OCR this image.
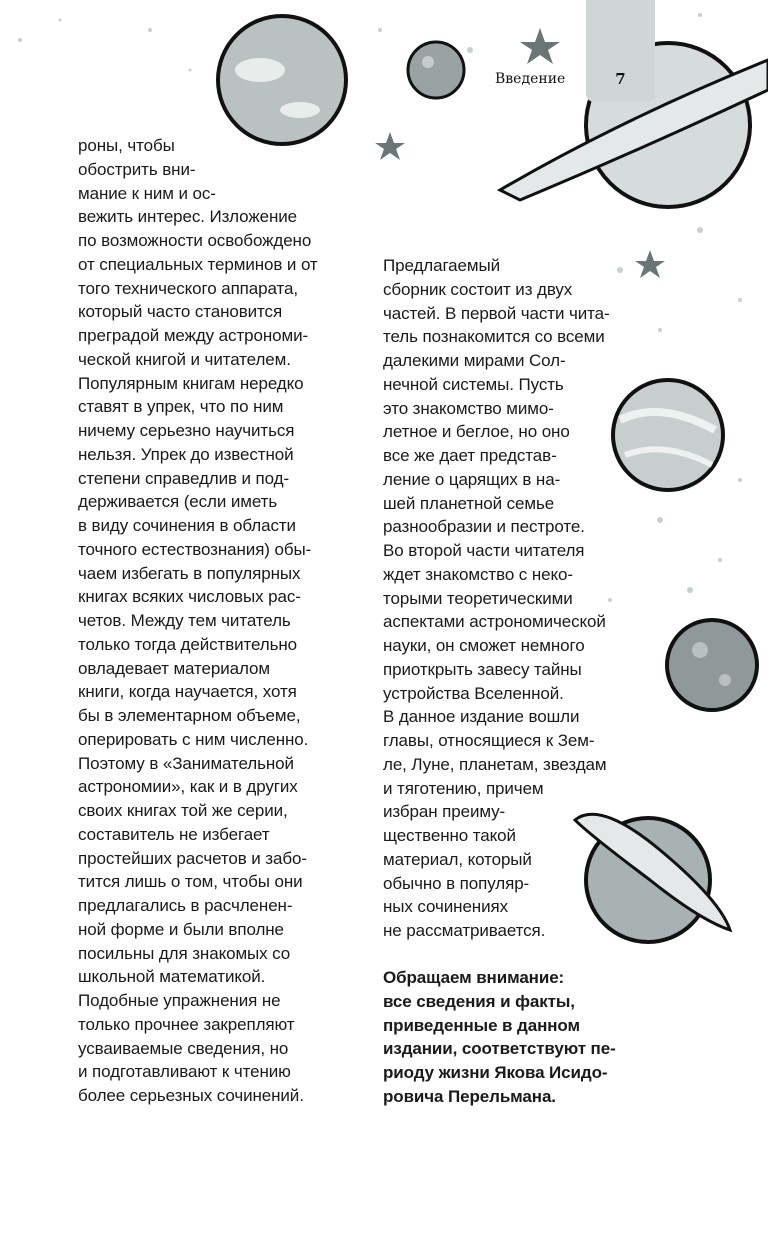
Введение	7
роны, чтобы
обострить вни-
мание к ним и ос-
вежить интерес. Изложение
по возможности освобождено
от специальных терминов и от
того технического аппарата,
который часто становится
преградой между астрономи-
ческой книгой и читателем.
Популярным книгам нередко
ставят в упрек, что по ним
ничему серьезно научиться
нельзя. Упрек до известной
степени справедлив и под-
держивается (если иметь
в виду сочинения в области
точного естествознания) обы-
чаем избегать в популярных
книгах всяких числовых рас-
четов. Между тем читатель
только тогда действительно
овладевает материалом
книги, когда научается, хотя
бы в элементарном объеме,
оперировать с ним численно.
Поэтому в «Занимательной
астрономии», как и в других
своих книгах той же серии,
составитель не избегает
простейших расчетов и забо-
тится лишь о том, чтобы они
предлагались в расчленен-
ной форме и были вполне
посильны для знакомых со
школьной математикой.
Подобные упражнения не
только прочнее закрепляют
усваиваемые сведения, но
и подготавливают к чтению
более серьезных сочинений.
Предлагаемый
сборник состоит из двух
частей. В первой части чита-
тель познакомится со всеми
далекими мирами Сол-
нечной системы. Пусть
это знакомство мимо-
летное и беглое, но оно
все же дает представ-
ление о царящих в на-
шей планетной семье
разнообразии и пестроте.
Во второй части читателя
ждет знакомство с неко-
торыми теоретическими
аспектами астрономической
науки, он сможет немного
приоткрыть завесу тайны
устройства Вселенной.
В данное издание вошли
главы, относящиеся к Зем-
ле, Луне, планетам, звездам
и тяготению, причем
избран преиму-
щественно такой
материал, который
обычно в популяр-
ных сочинениях
не рассматривается.
Обращаем внимание:
все сведения и факты,
приведенные в данном
издании, соответствуют пе-
риоду жизни Якова Исидо-
ровича Перельмана.
